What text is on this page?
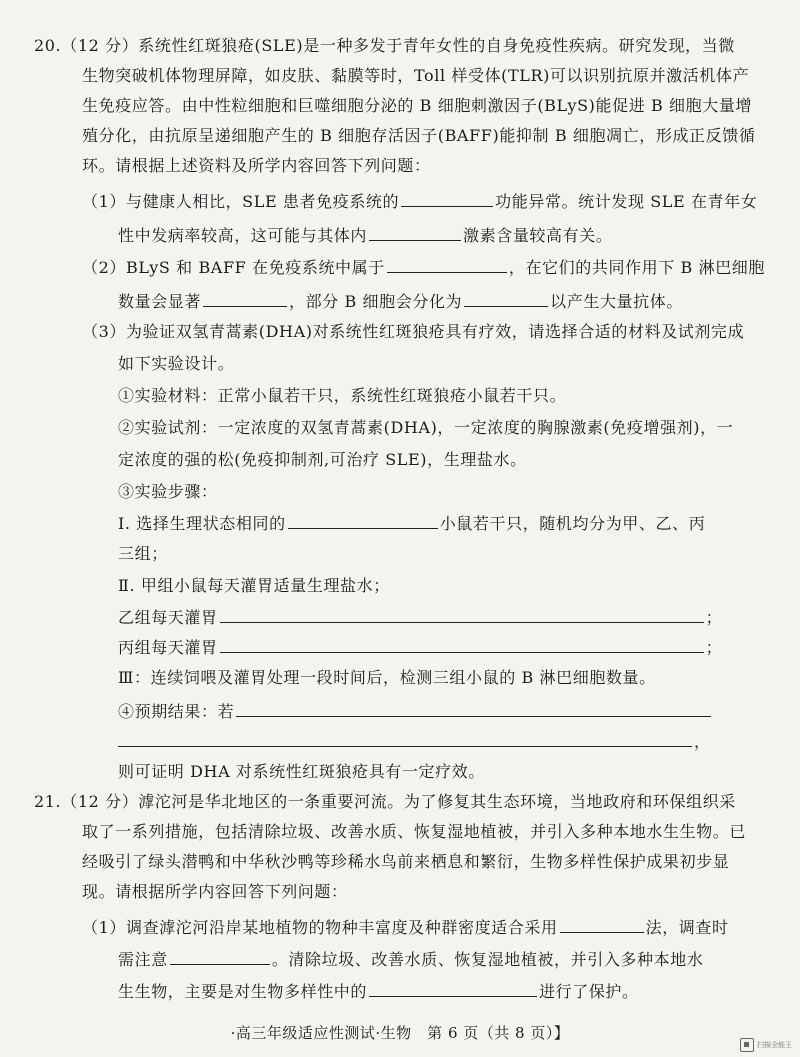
20.（12 分）系统性红斑狼疮(SLE)是一种多发于青年女性的自身免疫性疾病。研究发现，当微
生物突破机体物理屏障，如皮肤、黏膜等时，Toll 样受体(TLR)可以识别抗原并激活机体产
生免疫应答。由中性粒细胞和巨噬细胞分泌的 B 细胞刺激因子(BLyS)能促进 B 细胞大量增
殖分化，由抗原呈递细胞产生的 B 细胞存活因子(BAFF)能抑制 B 细胞凋亡，形成正反馈循
环。请根据上述资料及所学内容回答下列问题：
（1）与健康人相比，SLE 患者免疫系统的	功能异常。统计发现 SLE 在青年女
性中发病率较高，这可能与其体内	激素含量较高有关。
（2）BLyS 和 BAFF 在免疫系统中属于	，在它们的共同作用下 B 淋巴细胞
数量会显著	，部分 B 细胞会分化为	以产生大量抗体。
（3）为验证双氢青蒿素(DHA)对系统性红斑狼疮具有疗效，请选择合适的材料及试剂完成
如下实验设计。
①实验材料：正常小鼠若干只，系统性红斑狼疮小鼠若干只。
②实验试剂：一定浓度的双氢青蒿素(DHA)，一定浓度的胸腺激素(免疫增强剂)，一
定浓度的强的松(免疫抑制剂,可治疗 SLE)，生理盐水。
③实验步骤：
Ⅰ. 选择生理状态相同的	小鼠若干只，随机均分为甲、乙、丙
三组；
Ⅱ. 甲组小鼠每天灌胃适量生理盐水；
乙组每天灌胃	；
丙组每天灌胃	；
Ⅲ：连续饲喂及灌胃处理一段时间后，检测三组小鼠的 B 淋巴细胞数量。
④预期结果：若
，
则可证明 DHA 对系统性红斑狼疮具有一定疗效。
21.（12 分）滹沱河是华北地区的一条重要河流。为了修复其生态环境，当地政府和环保组织采
取了一系列措施，包括清除垃圾、改善水质、恢复湿地植被，并引入多种本地水生生物。已
经吸引了绿头潜鸭和中华秋沙鸭等珍稀水鸟前来栖息和繁衍，生物多样性保护成果初步显
现。请根据所学内容回答下列问题：
（1）调查滹沱河沿岸某地植物的物种丰富度及种群密度适合采用	法，调查时
需注意	。清除垃圾、改善水质、恢复湿地植被，并引入多种本地水
生生物，主要是对生物多样性中的	进行了保护。
·高三年级适应性测试·生物　第 6 页（共 8 页）】
扫描全能王
